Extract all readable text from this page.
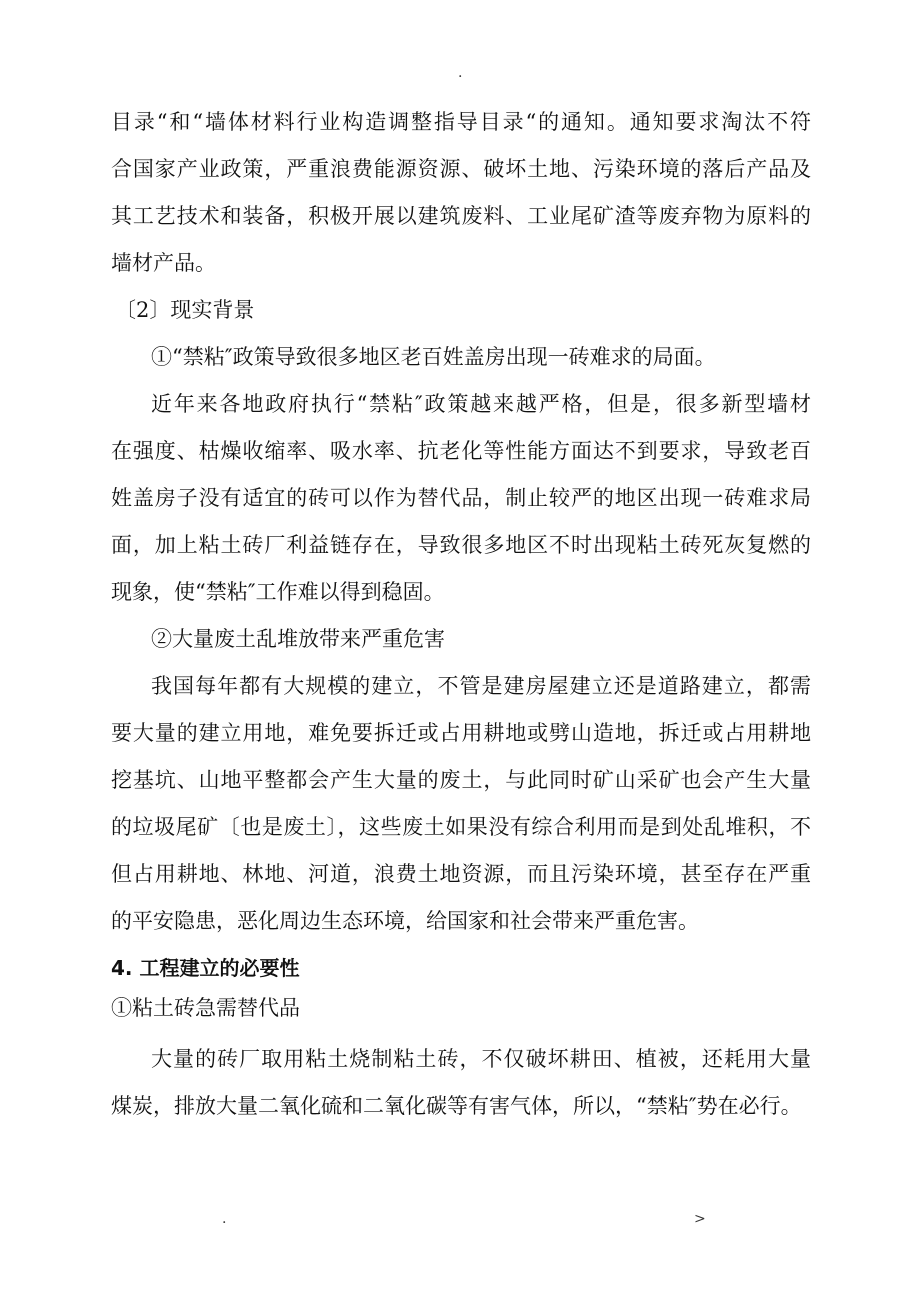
.
目录“和“墙体材料行业构造调整指导目录“的通知。通知要求淘汰不符
合国家产业政策，严重浪费能源资源、破坏土地、污染环境的落后产品及
其工艺技术和装备，积极开展以建筑废料、工业尾矿渣等废弃物为原料的
墙材产品。
〔2〕现实背景
①“禁粘″政策导致很多地区老百姓盖房出现一砖难求的局面。
近年来各地政府执行“禁粘″政策越来越严格，但是，很多新型墙材
在强度、枯燥收缩率、吸水率、抗老化等性能方面达不到要求，导致老百
姓盖房子没有适宜的砖可以作为替代品，制止较严的地区出现一砖难求局
面，加上粘土砖厂利益链存在，导致很多地区不时出现粘土砖死灰复燃的
现象，使“禁粘″工作难以得到稳固。
②大量废土乱堆放带来严重危害
我国每年都有大规模的建立，不管是建房屋建立还是道路建立，都需
要大量的建立用地，难免要拆迁或占用耕地或劈山造地，拆迁或占用耕地
挖基坑、山地平整都会产生大量的废土，与此同时矿山采矿也会产生大量
的垃圾尾矿〔也是废土〕，这些废土如果没有综合利用而是到处乱堆积，不
但占用耕地、林地、河道，浪费土地资源，而且污染环境，甚至存在严重
的平安隐患，恶化周边生态环境，给国家和社会带来严重危害。
4. 工程建立的必要性
①粘土砖急需替代品
大量的砖厂取用粘土烧制粘土砖，不仅破坏耕田、植被，还耗用大量
煤炭，排放大量二氧化硫和二氧化碳等有害气体，所以，“禁粘″势在必行。
.	>
